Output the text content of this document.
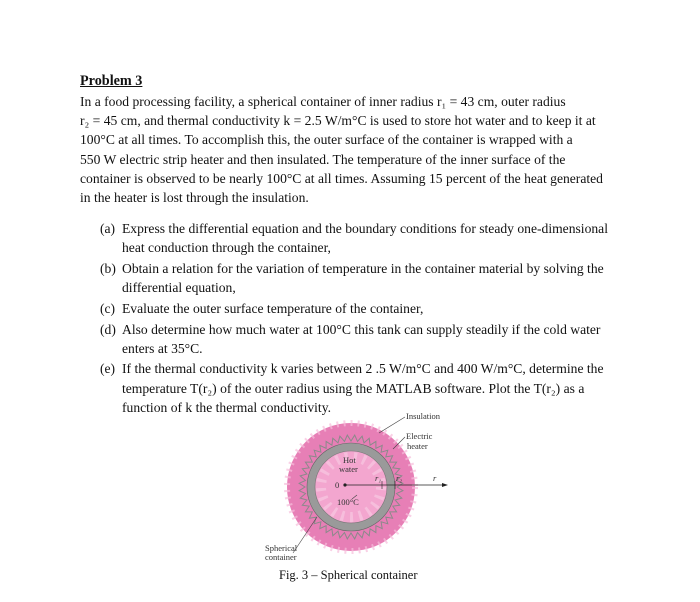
Problem 3
In a food processing facility, a spherical container of inner radius r₁ = 43 cm, outer radius
r₂ = 45 cm, and thermal conductivity k = 2.5 W/m°C is used to store hot water and to keep it at
100°C at all times. To accomplish this, the outer surface of the container is wrapped with a
550 W electric strip heater and then insulated. The temperature of the inner surface of the
container is observed to be nearly 100°C at all times. Assuming 15 percent of the heat generated
in the heater is lost through the insulation.
(a) Express the differential equation and the boundary conditions for steady one-dimensional
heat conduction through the container,
(b) Obtain a relation for the variation of temperature in the container material by solving the
differential equation,
(c) Evaluate the outer surface temperature of the container,
(d) Also determine how much water at 100°C this tank can supply steadily if the cold water
enters at 35°C.
(e) If the thermal conductivity k varies between 2 .5 W/m°C and 400 W/m°C, determine the
temperature T(r₂) of the outer radius using the MATLAB software. Plot the T(r₂) as a
function of k the thermal conductivity.
Insulation
Electric
heater
Hot
water
0
100°C
r₁ r₂	r
Spherical
container
Fig. 3 – Spherical container
